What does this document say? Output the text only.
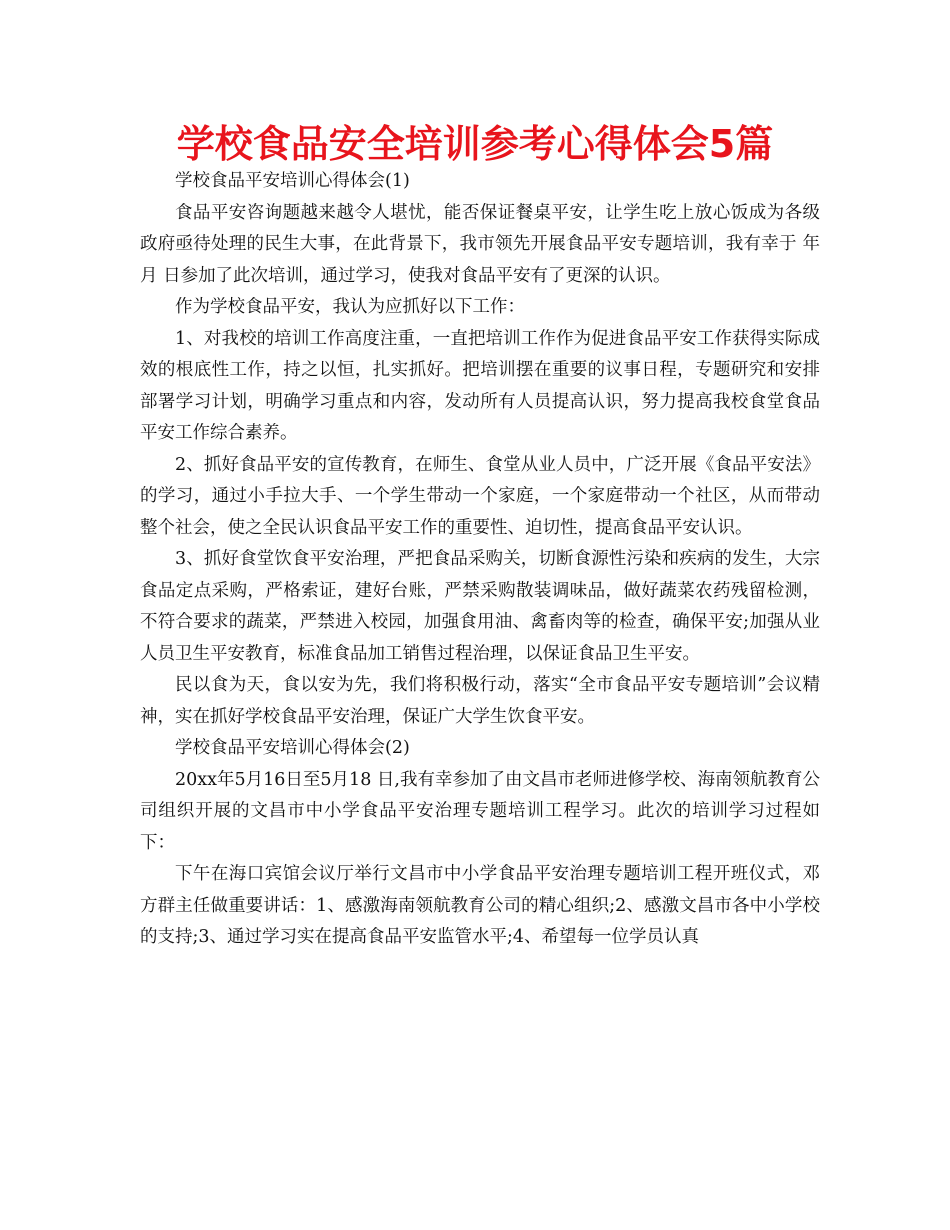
学校食品安全培训参考心得体会5篇

学校食品平安培训心得体会(1)

食品平安咨询题越来越令人堪忧，能否保证餐桌平安，让学生吃上放心饭成为各级政府亟待处理的民生大事，在此背景下，我市领先开展食品平安专题培训，我有幸于 年 月 日参加了此次培训，通过学习，使我对食品平安有了更深的认识。

作为学校食品平安，我认为应抓好以下工作：

1、对我校的培训工作高度注重，一直把培训工作作为促进食品平安工作获得实际成效的根底性工作，持之以恒，扎实抓好。把培训摆在重要的议事日程，专题研究和安排部署学习计划，明确学习重点和内容，发动所有人员提高认识，努力提高我校食堂食品平安工作综合素养。

2、抓好食品平安的宣传教育，在师生、食堂从业人员中，广泛开展《食品平安法》的学习，通过小手拉大手、一个学生带动一个家庭，一个家庭带动一个社区，从而带动整个社会，使之全民认识食品平安工作的重要性、迫切性，提高食品平安认识。

3、抓好食堂饮食平安治理，严把食品采购关，切断食源性污染和疾病的发生，大宗食品定点采购，严格索证，建好台账，严禁采购散装调味品，做好蔬菜农药残留检测，不符合要求的蔬菜，严禁进入校园，加强食用油、禽畜肉等的检查，确保平安;加强从业人员卫生平安教育，标准食品加工销售过程治理，以保证食品卫生平安。

民以食为天，食以安为先，我们将积极行动，落实“全市食品平安专题培训”会议精神，实在抓好学校食品平安治理，保证广大学生饮食平安。

学校食品平安培训心得体会(2)

20xx年5月16日至5月18 日,我有幸参加了由文昌市老师进修学校、海南领航教育公司组织开展的文昌市中小学食品平安治理专题培训工程学习。此次的培训学习过程如下：

下午在海口宾馆会议厅举行文昌市中小学食品平安治理专题培训工程开班仪式，邓方群主任做重要讲话：1、感激海南领航教育公司的精心组织;2、感激文昌市各中小学校的支持;3、通过学习实在提高食品平安监管水平;4、希望每一位学员认真
